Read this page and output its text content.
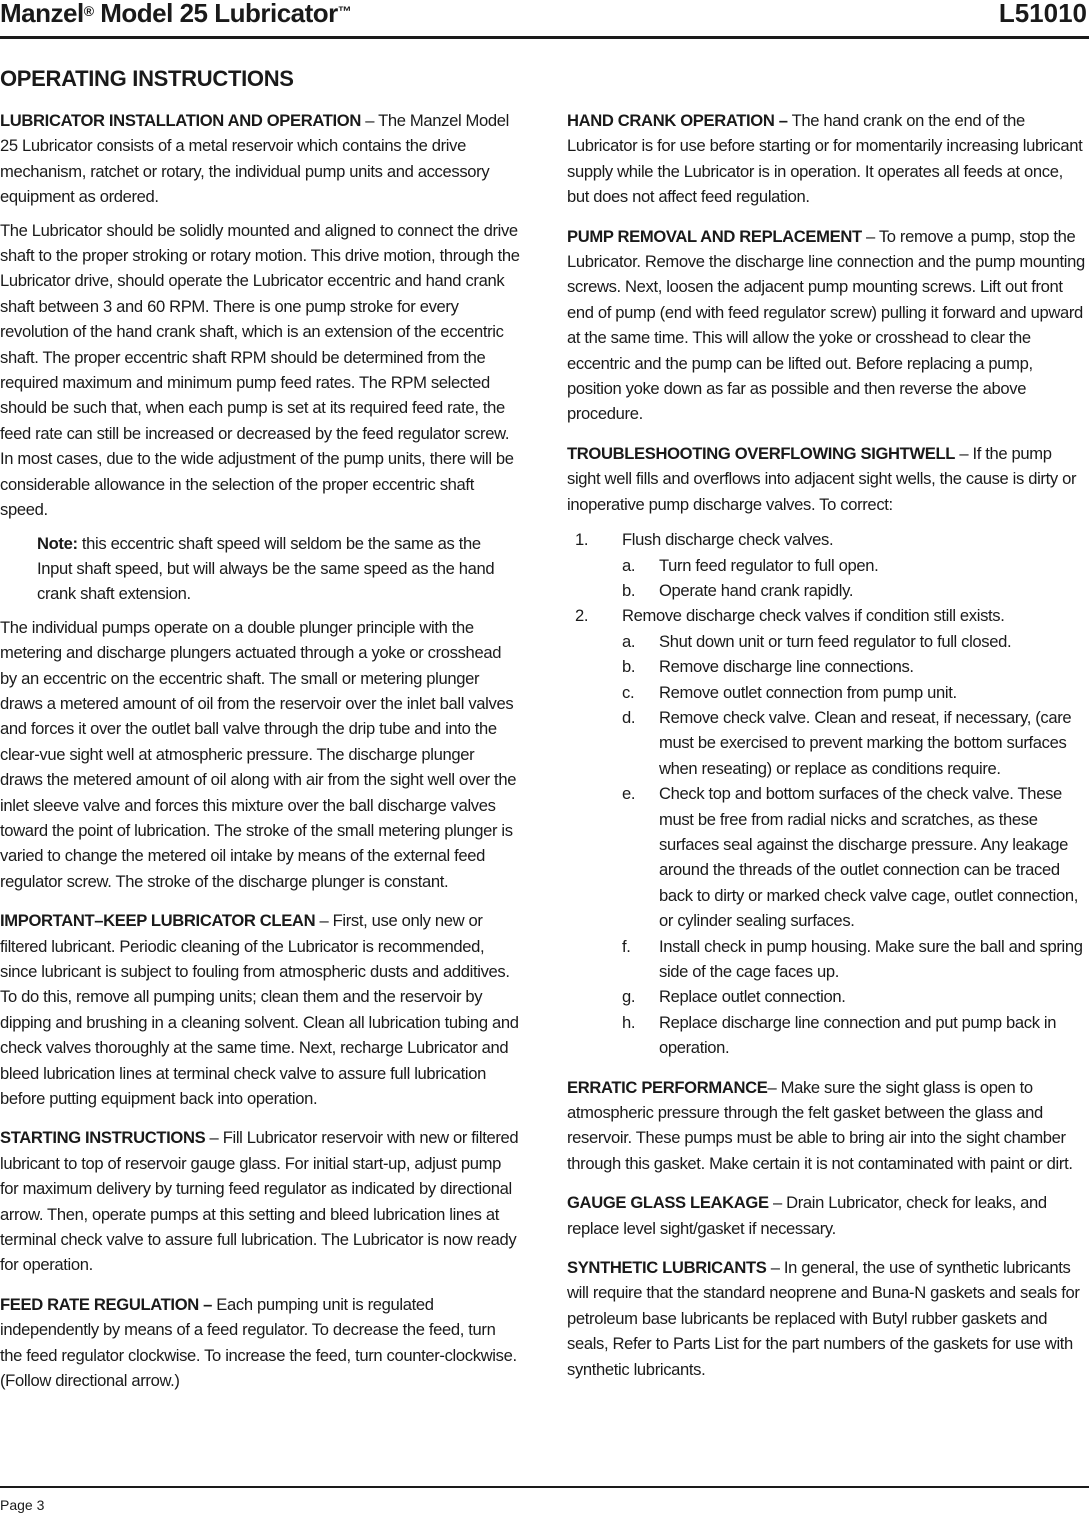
Manzel® Model 25 Lubricator™	L51010
OPERATING INSTRUCTIONS

LUBRICATOR INSTALLATION AND OPERATION – The Manzel Model 25 Lubricator consists of a metal reservoir which contains the drive mechanism, ratchet or rotary, the individual pump units and accessory equipment as ordered.

The Lubricator should be solidly mounted and aligned to connect the drive shaft to the proper stroking or rotary motion. This drive motion, through the Lubricator drive, should operate the Lubricator eccentric and hand crank shaft between 3 and 60 RPM. There is one pump stroke for every revolution of the hand crank shaft, which is an extension of the eccentric shaft. The proper eccentric shaft RPM should be determined from the required maximum and minimum pump feed rates. The RPM selected should be such that, when each pump is set at its required feed rate, the feed rate can still be increased or decreased by the feed regulator screw. In most cases, due to the wide adjustment of the pump units, there will be considerable allowance in the selection of the proper eccentric shaft speed.

Note: this eccentric shaft speed will seldom be the same as the Input shaft speed, but will always be the same speed as the hand crank shaft extension.

The individual pumps operate on a double plunger principle with the metering and discharge plungers actuated through a yoke or crosshead by an eccentric on the eccentric shaft. The small or metering plunger draws a metered amount of oil from the reservoir over the inlet ball valves and forces it over the outlet ball valve through the drip tube and into the clear-vue sight well at atmospheric pressure. The discharge plunger draws the metered amount of oil along with air from the sight well over the inlet sleeve valve and forces this mixture over the ball discharge valves toward the point of lubrication. The stroke of the small metering plunger is varied to change the metered oil intake by means of the external feed regulator screw. The stroke of the discharge plunger is constant.

IMPORTANT–KEEP LUBRICATOR CLEAN – First, use only new or filtered lubricant. Periodic cleaning of the Lubricator is recommended, since lubricant is subject to fouling from atmospheric dusts and additives. To do this, remove all pumping units; clean them and the reservoir by dipping and brushing in a cleaning solvent. Clean all lubrication tubing and check valves thoroughly at the same time. Next, recharge Lubricator and bleed lubrication lines at terminal check valve to assure full lubrication before putting equipment back into operation.

STARTING INSTRUCTIONS – Fill Lubricator reservoir with new or filtered lubricant to top of reservoir gauge glass. For initial start-up, adjust pump for maximum delivery by turning feed regulator as indicated by directional arrow. Then, operate pumps at this setting and bleed lubrication lines at terminal check valve to assure full lubrication. The Lubricator is now ready for operation.

FEED RATE REGULATION – Each pumping unit is regulated independently by means of a feed regulator. To decrease the feed, turn the feed regulator clockwise. To increase the feed, turn counter-clockwise. (Follow directional arrow.)

HAND CRANK OPERATION – The hand crank on the end of the Lubricator is for use before starting or for momentarily increasing lubricant supply while the Lubricator is in operation. It operates all feeds at once, but does not affect feed regulation.

PUMP REMOVAL AND REPLACEMENT – To remove a pump, stop the Lubricator. Remove the discharge line connection and the pump mounting screws. Next, loosen the adjacent pump mounting screws. Lift out front end of pump (end with feed regulator screw) pulling it forward and upward at the same time. This will allow the yoke or crosshead to clear the eccentric and the pump can be lifted out. Before replacing a pump, position yoke down as far as possible and then reverse the above procedure.

TROUBLESHOOTING OVERFLOWING SIGHTWELL – If the pump sight well fills and overflows into adjacent sight wells, the cause is dirty or inoperative pump discharge valves. To correct:

1. Flush discharge check valves.
a. Turn feed regulator to full open.
b. Operate hand crank rapidly.
2. Remove discharge check valves if condition still exists.
a. Shut down unit or turn feed regulator to full closed.
b. Remove discharge line connections.
c. Remove outlet connection from pump unit.
d. Remove check valve. Clean and reseat, if necessary, (care must be exercised to prevent marking the bottom surfaces when reseating) or replace as conditions require.
e. Check top and bottom surfaces of the check valve. These must be free from radial nicks and scratches, as these surfaces seal against the discharge pressure. Any leakage around the threads of the outlet connection can be traced back to dirty or marked check valve cage, outlet connection, or cylinder sealing surfaces.
f. Install check in pump housing. Make sure the ball and spring side of the cage faces up.
g. Replace outlet connection.
h. Replace discharge line connection and put pump back in operation.

ERRATIC PERFORMANCE– Make sure the sight glass is open to atmospheric pressure through the felt gasket between the glass and reservoir. These pumps must be able to bring air into the sight chamber through this gasket. Make certain it is not contaminated with paint or dirt.

GAUGE GLASS LEAKAGE – Drain Lubricator, check for leaks, and replace level sight/gasket if necessary.

SYNTHETIC LUBRICANTS – In general, the use of synthetic lubricants will require that the standard neoprene and Buna-N gaskets and seals for petroleum base lubricants be replaced with Butyl rubber gaskets and seals, Refer to Parts List for the part numbers of the gaskets for use with synthetic lubricants.

Page 3
